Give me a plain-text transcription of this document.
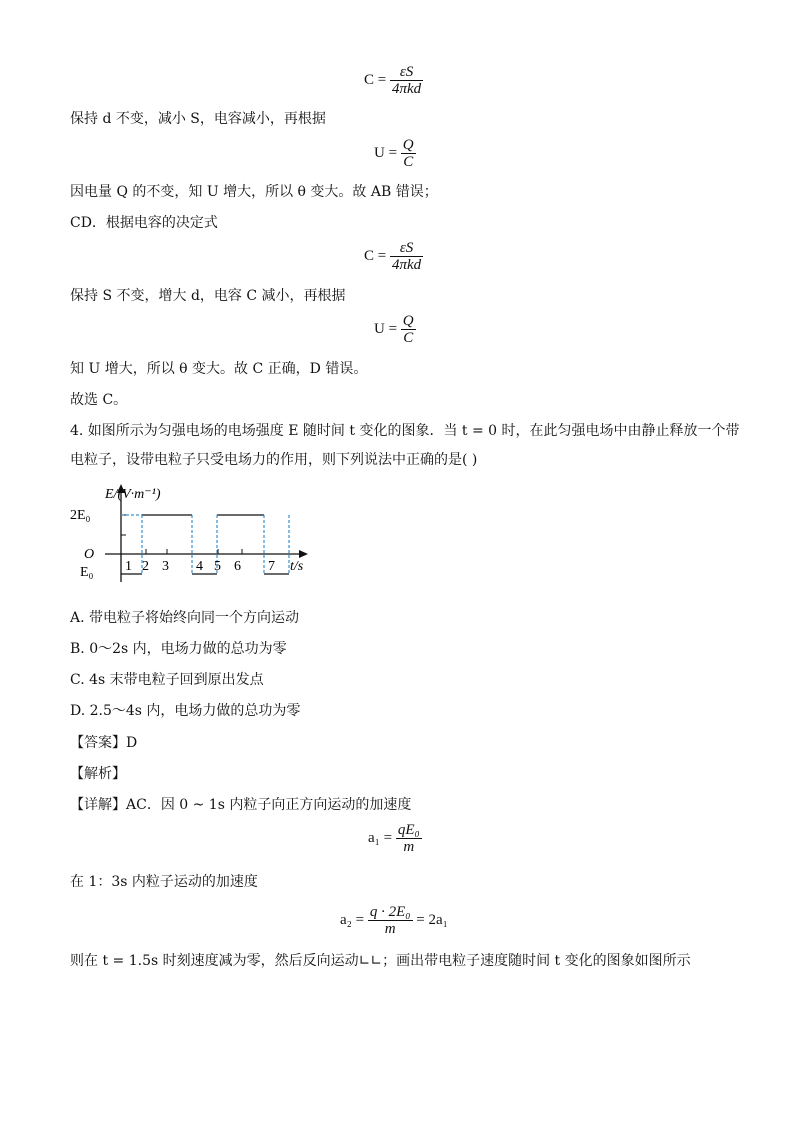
$C = \frac{\varepsilon S}{\text{4πkd}}$
保持 d 不变，减小 S，电容减小，再根据
$U = \frac{Q}{C}$
因电量 Q 的不变，知 U 增大，所以 θ 变大。故 AB 错误；
CD．根据电容的决定式
$C = \frac{\varepsilon S}{\text{4πkd}}$
保持 S 不变，增大 d，电容 C 减小，再根据
$U = \frac{Q}{C}$
知 U 增大，所以 θ 变大。故 C 正确，D 错误。
故选 C。
4. 如图所示为匀强电场的电场强度 E 随时间 t 变化的图象．当 t = 0 时，在此匀强电场中由静止释放一个带
电粒子，设带电粒子只受电场力的作用，则下列说法中正确的是( )
E/(V·m⁻¹)
2E₀
O
E₀	t/s
1 2 3 4 5 6 7
A. 带电粒子将始终向同一个方向运动
B. 0～2s 内，电场力做的总功为零
C. 4s 末带电粒子回到原出发点
D. 2.5～4s 内，电场力做的总功为零
【答案】D
【解析】
【详解】AC．因 0 ~ 1s 内粒子向正方向运动的加速度
$a_1 = \frac{\text{qE₀}}{m}$
在 1：3s 内粒子运动的加速度
$a_2 = \frac{\text{q · 2E₀}}{m} = 2a_1$
则在 t = 1.5s 时刻速度减为零，然后反向运动∟∟；画出带电粒子速度随时间 t 变化的图象如图所示
